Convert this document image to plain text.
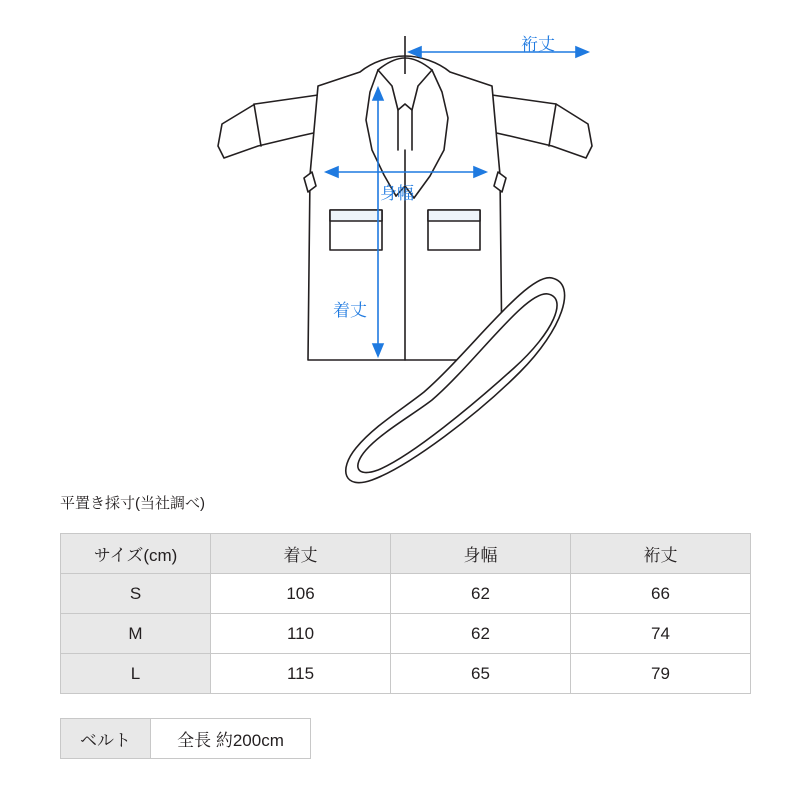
裄丈
身幅
着丈
平置き採寸(当社調べ)
サイズ(cm)	着丈	身幅	裄丈
S	106	62	66
M	110	62	74
L	115	65	79
ベルト	全長 約200cm
